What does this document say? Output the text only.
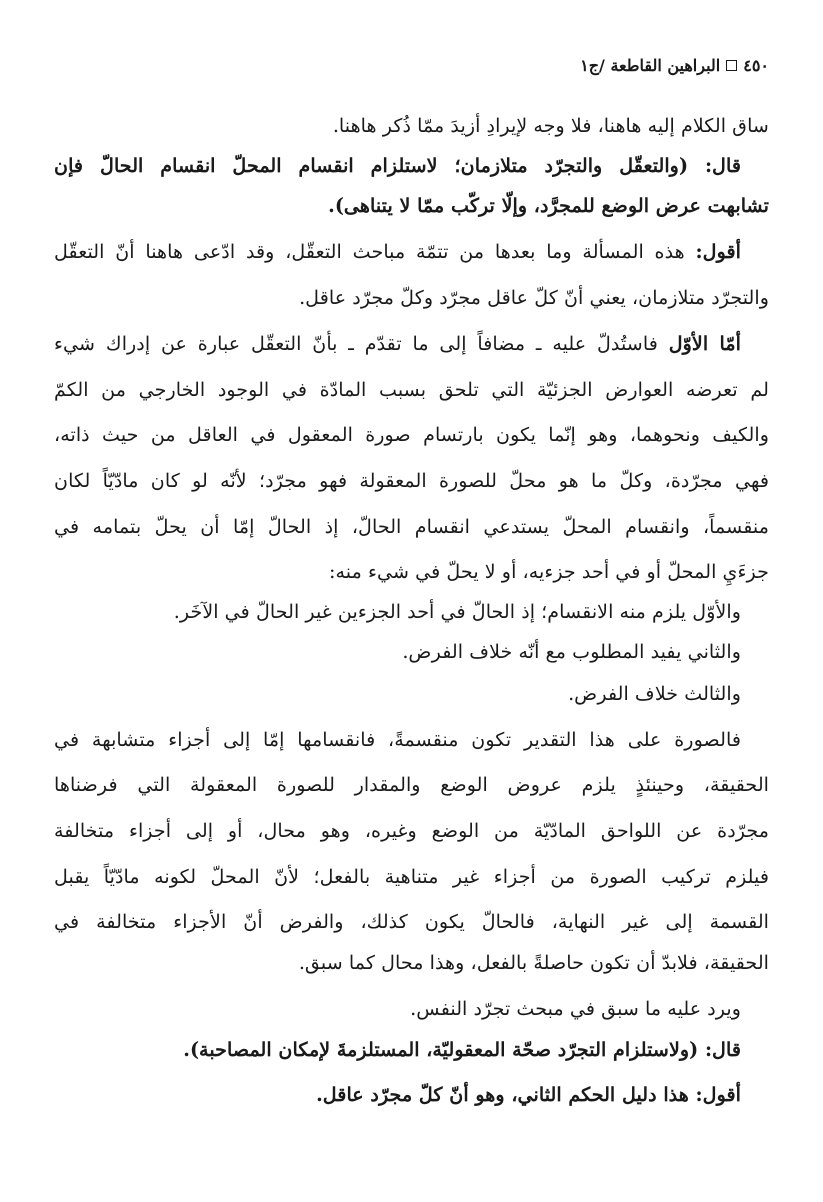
٤٥٠
البراهين القاطعة /ج١
ساق الكلام إليه هاهنا، فلا وجه لإيرادِ أزيدَ ممّا ذُكر هاهنا.
قال: (والتعقّل والتجرّد متلازمان؛ لاستلزام انقسام المحلّ انقسام الحالّ فإن
تشابهت عرض الوضع للمجرَّد، وإلّا تركّب ممّا لا يتناهى).
أقول: هذه المسألة وما بعدها من تتمّة مباحث التعقّل، وقد ادّعى هاهنا أنّ التعقّل
والتجرّد متلازمان، يعني أنّ كلّ عاقل مجرّد وكلّ مجرّد عاقل.
أمّا الأوّل فاستُدلّ عليه ـ مضافاً إلى ما تقدّم ـ بأنّ التعقّل عبارة عن إدراك شيء
لم تعرضه العوارض الجزئيّة التي تلحق بسبب المادّة في الوجود الخارجي من الكمّ
والكيف ونحوهما، وهو إنّما يكون بارتسام صورة المعقول في العاقل من حيث ذاته،
فهي مجرّدة، وكلّ ما هو محلّ للصورة المعقولة فهو مجرّد؛ لأنّه لو كان مادّيّاً لكان
منقسماً، وانقسام المحلّ يستدعي انقسام الحالّ، إذ الحالّ إمّا أن يحلّ بتمامه في
جزءَيِ المحلّ أو في أحد جزءيه، أو لا يحلّ في شيء منه:
والأوّل يلزم منه الانقسام؛ إذ الحالّ في أحد الجزءين غير الحالّ في الآخَر.
والثاني يفيد المطلوب مع أنّه خلاف الفرض.
والثالث خلاف الفرض.
فالصورة على هذا التقدير تكون منقسمةً، فانقسامها إمّا إلى أجزاء متشابهة في
الحقيقة، وحينئذٍ يلزم عروض الوضع والمقدار للصورة المعقولة التي فرضناها
مجرّدة عن اللواحق المادّيّة من الوضع وغيره، وهو محال، أو إلى أجزاء متخالفة
فيلزم تركيب الصورة من أجزاء غير متناهية بالفعل؛ لأنّ المحلّ لكونه مادّيّاً يقبل
القسمة إلى غير النهاية، فالحالّ يكون كذلك، والفرض أنّ الأجزاء متخالفة في
الحقيقة، فلابدّ أن تكون حاصلةً بالفعل، وهذا محال كما سبق.
ويرد عليه ما سبق في مبحث تجرّد النفس.
قال: (ولاستلزام التجرّد صحّة المعقوليّة، المستلزمةَ لإمكان المصاحبة).
أقول: هذا دليل الحكم الثاني، وهو أنّ كلّ مجرّد عاقل.
